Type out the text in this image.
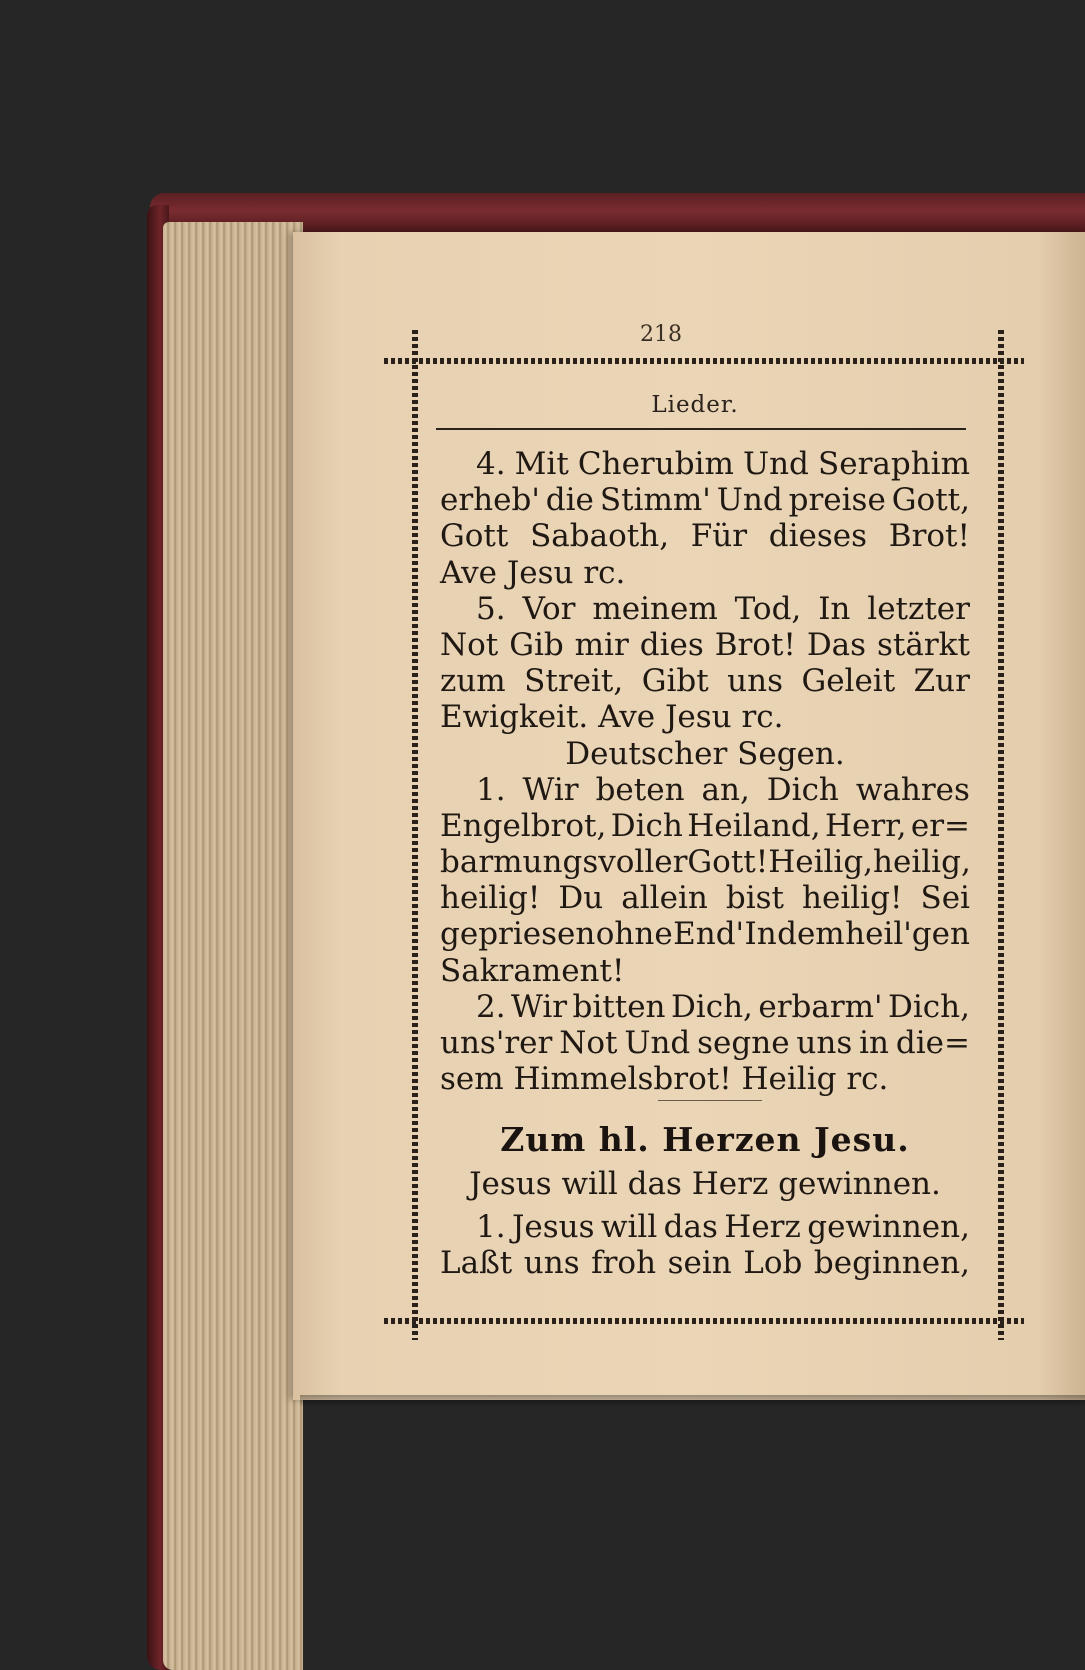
218
Lieder.
4. Mit Cherubim Und Seraphim
erheb' die Stimm' Und preise Gott,
Gott Sabaoth, Für dieses Brot!
Ave Jesu rc.
5. Vor meinem Tod, In letzter
Not Gib mir dies Brot! Das stärkt
zum Streit, Gibt uns Geleit Zur
Ewigkeit. Ave Jesu rc.
Deutscher Segen.
1. Wir beten an, Dich wahres
Engelbrot, Dich Heiland, Herr, er=
barmungsvoller Gott! Heilig, heilig,
heilig! Du allein bist heilig! Sei
gepriesen ohne End' In dem heil'gen
Sakrament!
2. Wir bitten Dich, erbarm' Dich,
uns'rer Not Und segne uns in die=
sem Himmelsbrot! Heilig rc.
Zum hl. Herzen Jesu.
Jesus will das Herz gewinnen.
1. Jesus will das Herz gewinnen,
Laßt uns froh sein Lob beginnen,
